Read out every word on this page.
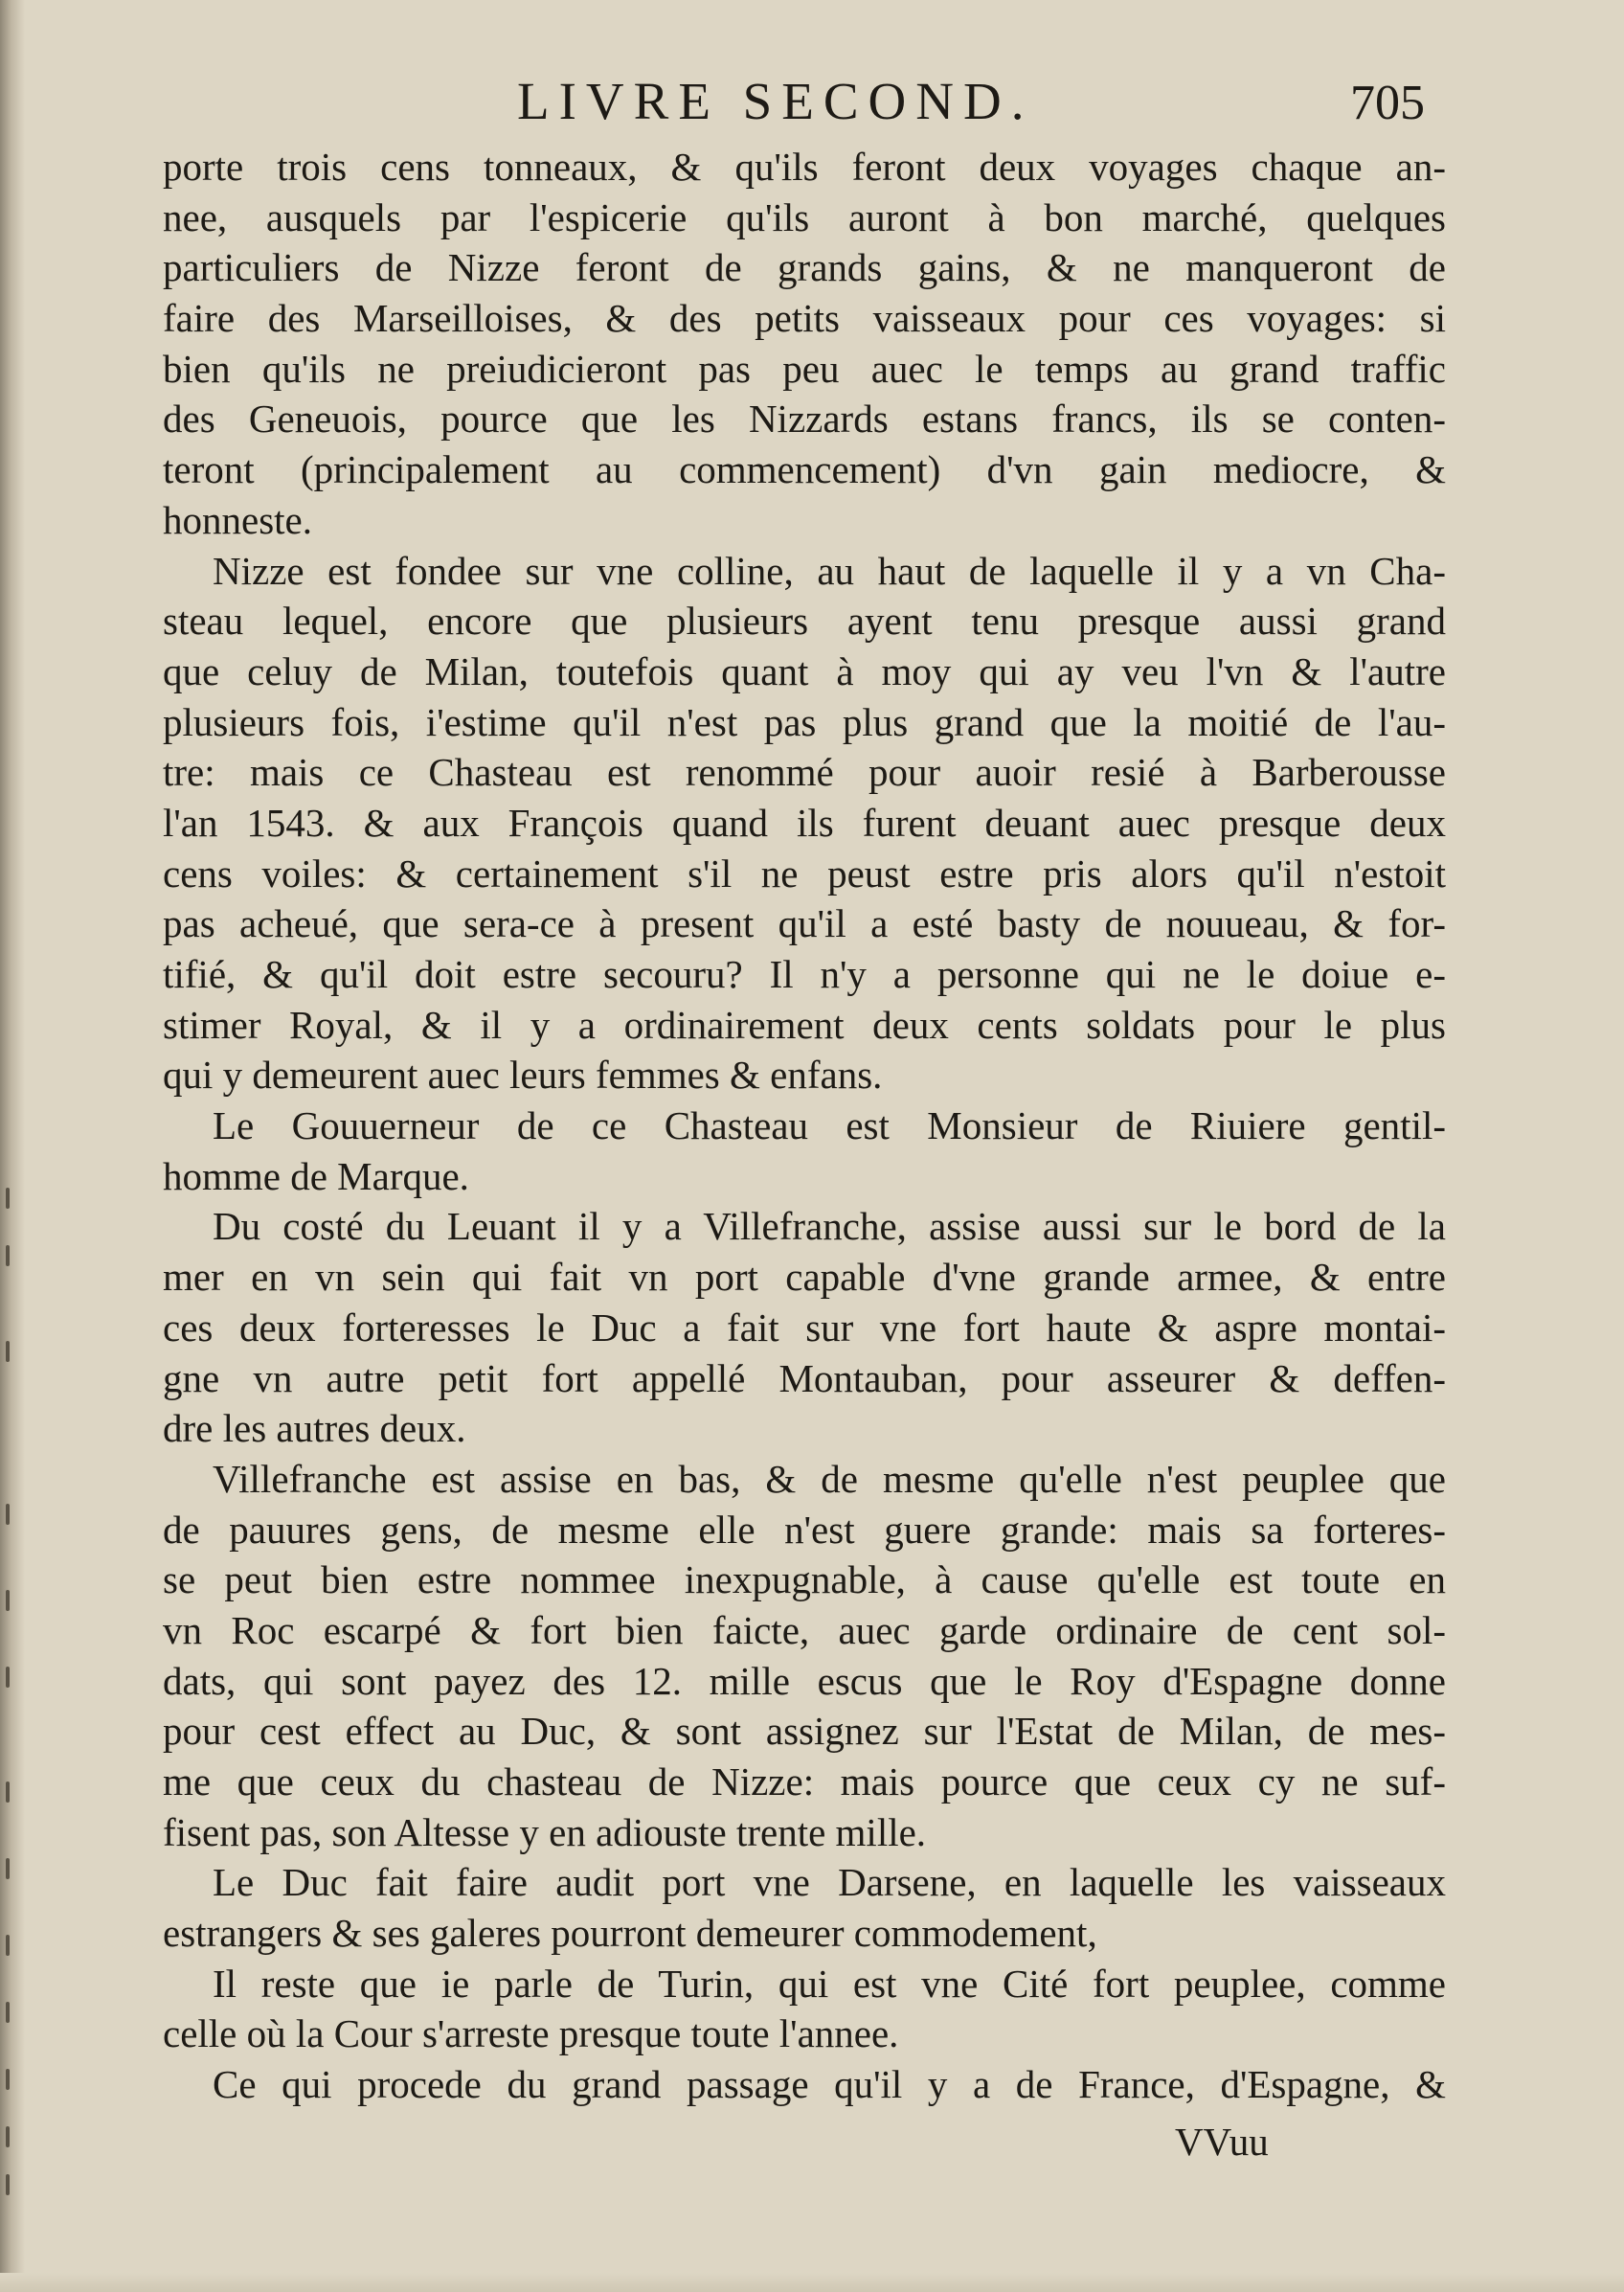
LIVRE SECOND.	705
porte trois cens tonneaux, & qu'ils feront deux voyages chaque an-
nee, ausquels par l'espicerie qu'ils auront à bon marché, quelques
particuliers de Nizze feront de grands gains, & ne manqueront de
faire des Marseilloises, & des petits vaisseaux pour ces voyages: si
bien qu'ils ne preiudicieront pas peu auec le temps au grand traffic
des Geneuois, pource que les Nizzards estans francs, ils se conten-
teront (principalement au commencement) d'vn gain mediocre, &
honneste.
Nizze est fondee sur vne colline, au haut de laquelle il y a vn Cha-
steau lequel, encore que plusieurs ayent tenu presque aussi grand
que celuy de Milan, toutefois quant à moy qui ay veu l'vn & l'autre
plusieurs fois, i'estime qu'il n'est pas plus grand que la moitié de l'au-
tre: mais ce Chasteau est renommé pour auoir resié à Barberousse
l'an 1543. & aux François quand ils furent deuant auec presque deux
cens voiles: & certainement s'il ne peust estre pris alors qu'il n'estoit
pas acheué, que sera-ce à present qu'il a esté basty de nouueau, & for-
tifié, & qu'il doit estre secouru? Il n'y a personne qui ne le doiue e-
stimer Royal, & il y a ordinairement deux cents soldats pour le plus
qui y demeurent auec leurs femmes & enfans.
Le Gouuerneur de ce Chasteau est Monsieur de Riuiere gentil-
homme de Marque.
Du costé du Leuant il y a Villefranche, assise aussi sur le bord de la
mer en vn sein qui fait vn port capable d'vne grande armee, & entre
ces deux forteresses le Duc a fait sur vne fort haute & aspre montai-
gne vn autre petit fort appellé Montauban, pour asseurer & deffen-
dre les autres deux.
Villefranche est assise en bas, & de mesme qu'elle n'est peuplee que
de pauures gens, de mesme elle n'est guere grande: mais sa forteres-
se peut bien estre nommee inexpugnable, à cause qu'elle est toute en
vn Roc escarpé & fort bien faicte, auec garde ordinaire de cent sol-
dats, qui sont payez des 12. mille escus que le Roy d'Espagne donne
pour cest effect au Duc, & sont assignez sur l'Estat de Milan, de mes-
me que ceux du chasteau de Nizze: mais pource que ceux cy ne suf-
fisent pas, son Altesse y en adiouste trente mille.
Le Duc fait faire audit port vne Darsene, en laquelle les vaisseaux
estrangers & ses galeres pourront demeurer commodement,
Il reste que ie parle de Turin, qui est vne Cité fort peuplee, comme
celle où la Cour s'arreste presque toute l'annee.
Ce qui procede du grand passage qu'il y a de France, d'Espagne, &
VVuu
